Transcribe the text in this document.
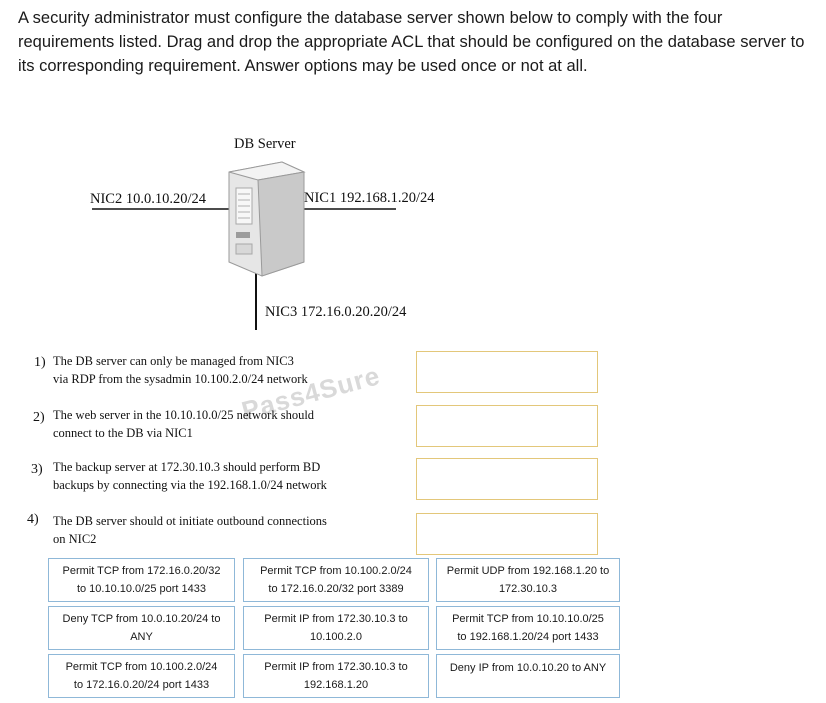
A security administrator must configure the database server shown below to comply with the four requirements listed. Drag and drop the appropriate ACL that should be configured on the database server to its corresponding requirement. Answer options may be used once or not at all.
DB Server
NIC2 10.0.10.20/24	NIC1 192.168.1.20/24
NIC3 172.16.0.20.20/24
Pass4Sure
1) The DB server can only be managed from NIC3
via RDP from the sysadmin 10.100.2.0/24 network
2) The web server in the 10.10.10.0/25 network should
connect to the DB via NIC1
3) The backup server at 172.30.10.3 should perform BD
backups by connecting via the 192.168.1.0/24 network
4) The DB server should ot initiate outbound connections
on NIC2
Permit TCP from 172.16.0.20/32
to 10.10.10.0/25 port 1433
Permit TCP from 10.100.2.0/24
to 172.16.0.20/32 port 3389
Permit UDP from 192.168.1.20 to
172.30.10.3
Deny TCP from 10.0.10.20/24 to
ANY
Permit IP from 172.30.10.3 to
10.100.2.0
Permit TCP from 10.10.10.0/25
to 192.168.1.20/24 port 1433
Permit TCP from 10.100.2.0/24
to 172.16.0.20/24 port 1433
Permit IP from 172.30.10.3 to
192.168.1.20
Deny IP from 10.0.10.20 to ANY
